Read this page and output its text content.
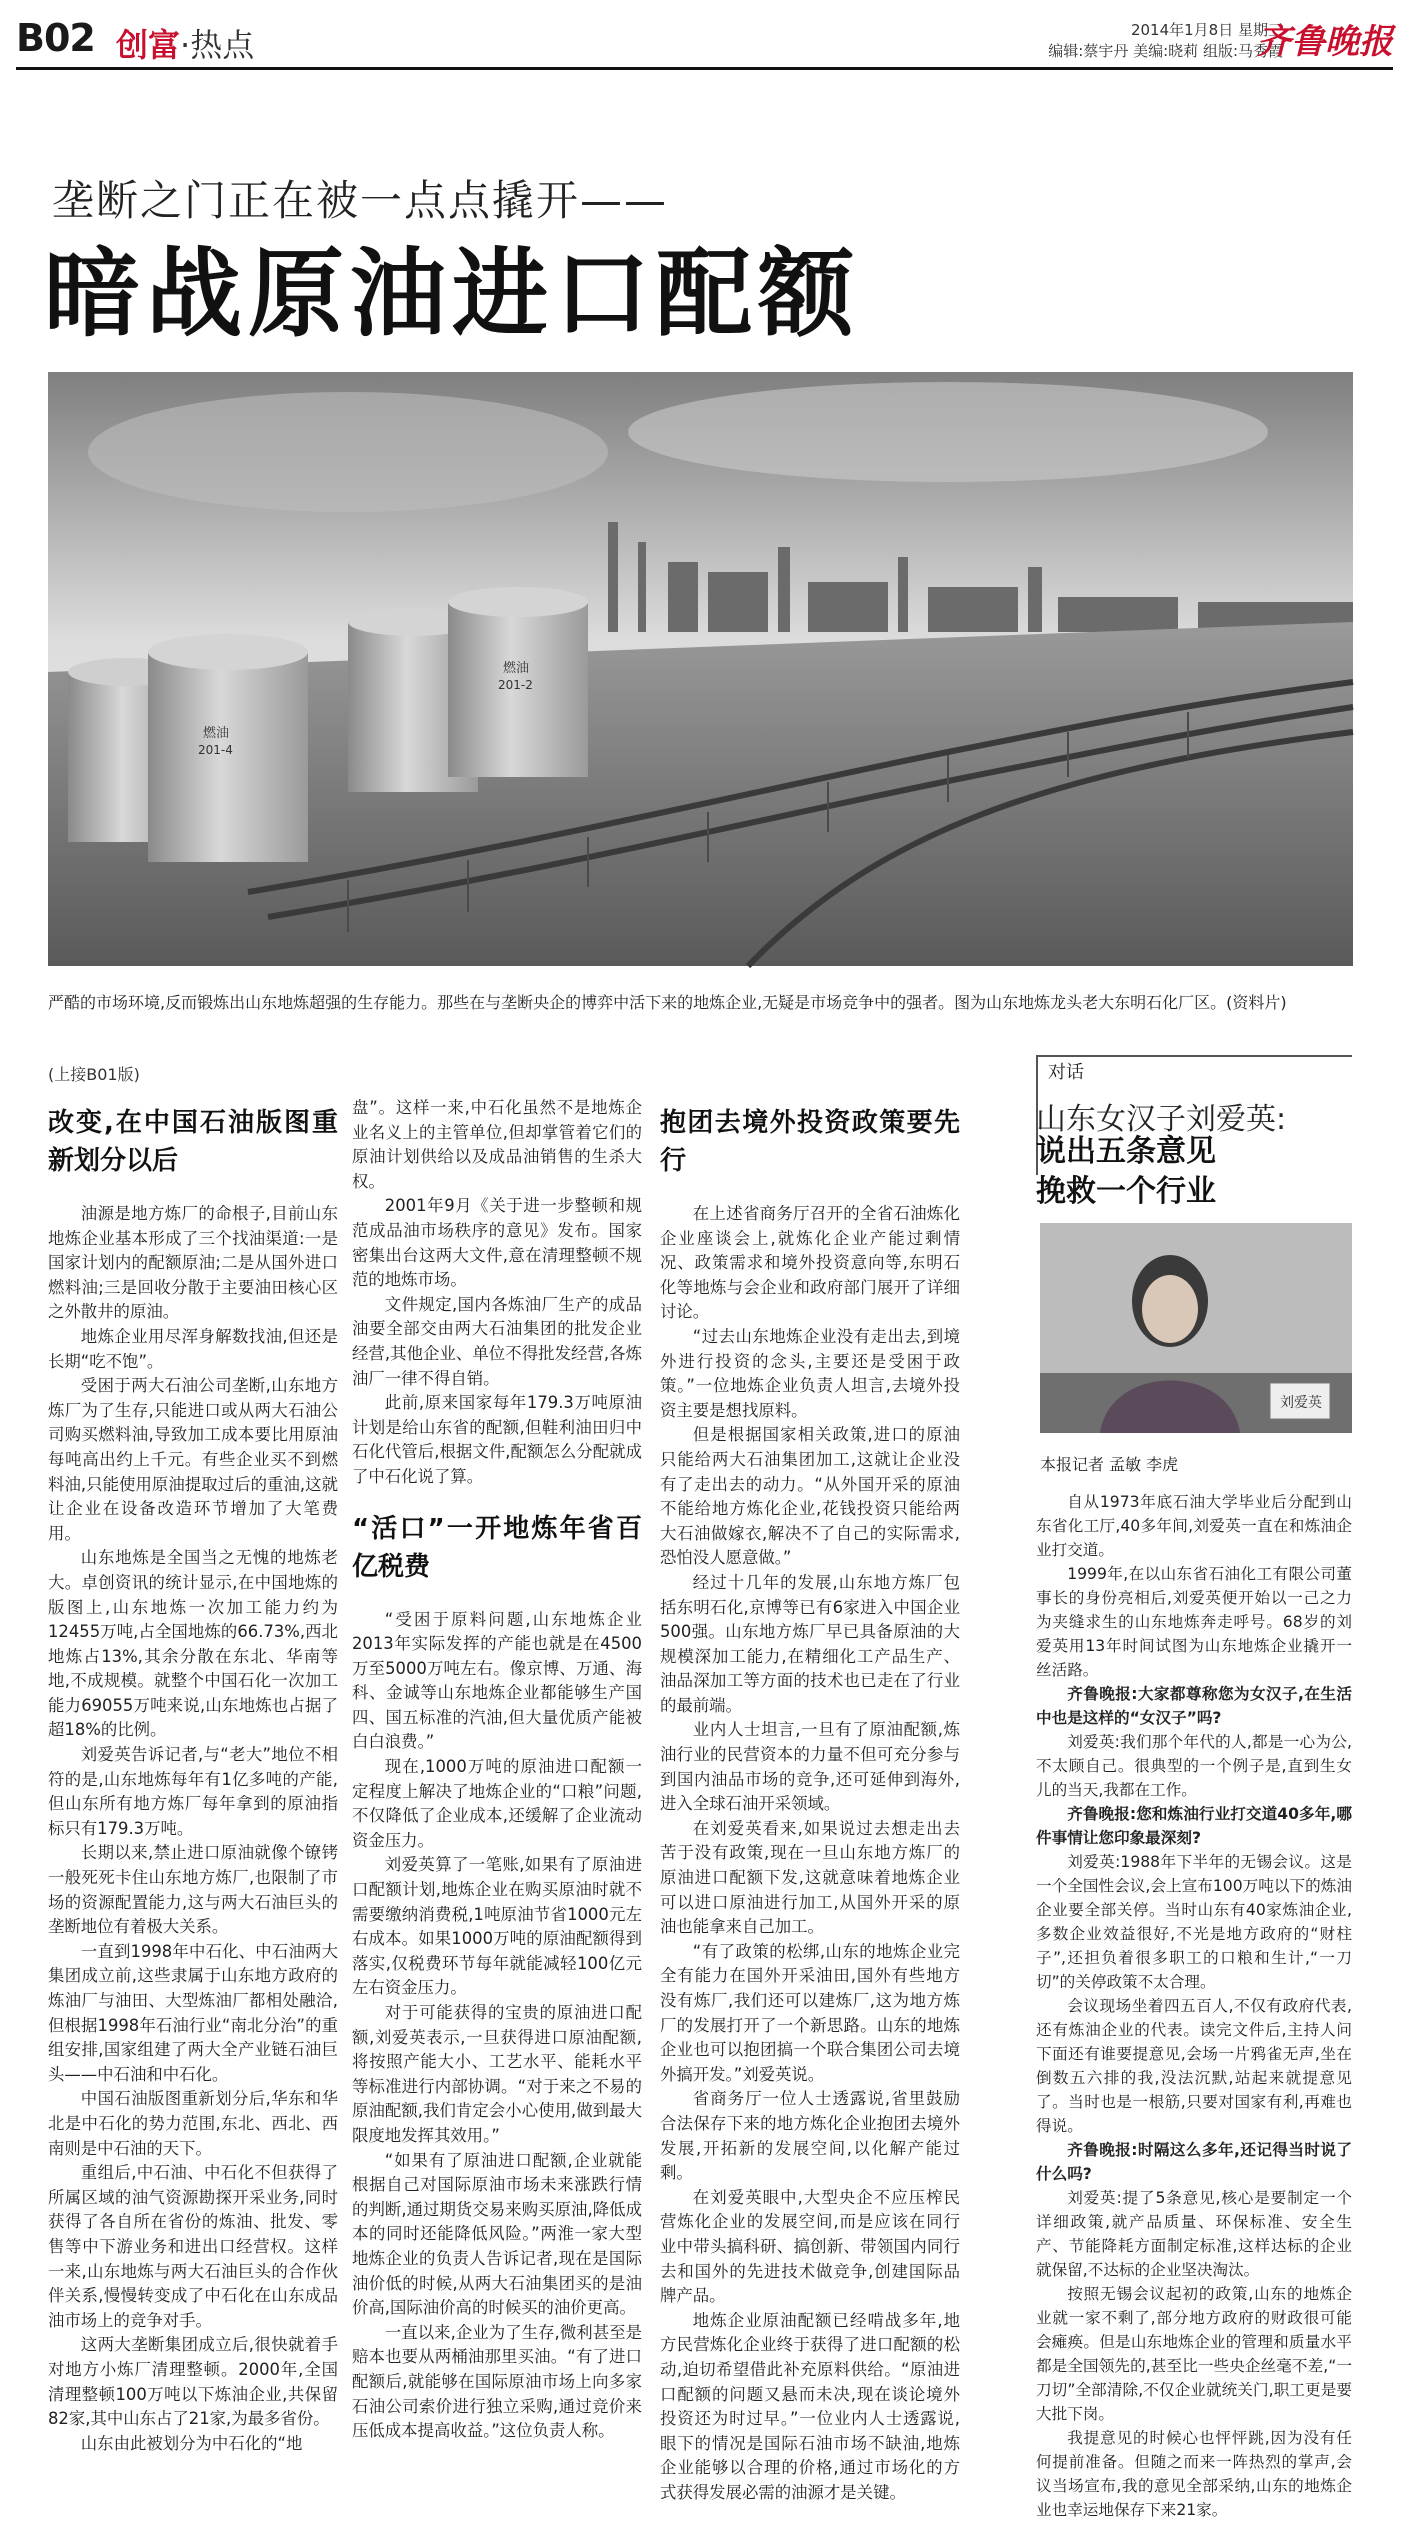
B02 创富·热点	2014年1月8日 星期三
编辑:蔡宇丹 美编:晓莉 组版:马秀霞
齐鲁晚报
垄断之门正在被一点点撬开——
暗战原油进口配额
燃油
201-4
燃油
201-2
严酷的市场环境,反而锻炼出山东地炼超强的生存能力。那些在与垄断央企的博弈中活下来的地炼企业,无疑是市场竞争中的强者。图为山东地炼龙头老大东明石化厂区。(资料片)
(上接B01版)
改变,在中国石油版图重新划分以后

油源是地方炼厂的命根子,目前山东地炼企业基本形成了三个找油渠道:一是国家计划内的配额原油;二是从国外进口燃料油;三是回收分散于主要油田核心区之外散井的原油。

地炼企业用尽浑身解数找油,但还是长期“吃不饱”。

受困于两大石油公司垄断,山东地方炼厂为了生存,只能进口或从两大石油公司购买燃料油,导致加工成本要比用原油每吨高出约上千元。有些企业买不到燃料油,只能使用原油提取过后的重油,这就让企业在设备改造环节增加了大笔费用。

山东地炼是全国当之无愧的地炼老大。卓创资讯的统计显示,在中国地炼的版图上,山东地炼一次加工能力约为12455万吨,占全国地炼的66.73%,西北地炼占13%,其余分散在东北、华南等地,不成规模。就整个中国石化一次加工能力69055万吨来说,山东地炼也占据了超18%的比例。

刘爱英告诉记者,与“老大”地位不相符的是,山东地炼每年有1亿多吨的产能,但山东所有地方炼厂每年拿到的原油指标只有179.3万吨。

长期以来,禁止进口原油就像个镣铐一般死死卡住山东地方炼厂,也限制了市场的资源配置能力,这与两大石油巨头的垄断地位有着极大关系。

一直到1998年中石化、中石油两大集团成立前,这些隶属于山东地方政府的炼油厂与油田、大型炼油厂都相处融洽,但根据1998年石油行业“南北分治”的重组安排,国家组建了两大全产业链石油巨头——中石油和中石化。

中国石油版图重新划分后,华东和华北是中石化的势力范围,东北、西北、西南则是中石油的天下。

重组后,中石油、中石化不但获得了所属区域的油气资源勘探开采业务,同时获得了各自所在省份的炼油、批发、零售等中下游业务和进出口经营权。这样一来,山东地炼与两大石油巨头的合作伙伴关系,慢慢转变成了中石化在山东成品油市场上的竞争对手。

这两大垄断集团成立后,很快就着手对地方小炼厂清理整顿。2000年,全国清理整顿100万吨以下炼油企业,共保留82家,其中山东占了21家,为最多省份。

山东由此被划分为中石化的“地

盘”。这样一来,中石化虽然不是地炼企业名义上的主管单位,但却掌管着它们的原油计划供给以及成品油销售的生杀大权。

2001年9月《关于进一步整顿和规范成品油市场秩序的意见》发布。国家密集出台这两大文件,意在清理整顿不规范的地炼市场。

文件规定,国内各炼油厂生产的成品油要全部交由两大石油集团的批发企业经营,其他企业、单位不得批发经营,各炼油厂一律不得自销。

此前,原来国家每年179.3万吨原油计划是给山东省的配额,但鞋利油田归中石化代管后,根据文件,配额怎么分配就成了中石化说了算。

“活口”一开地炼年省百亿税费

“受困于原料问题,山东地炼企业2013年实际发挥的产能也就是在4500万至5000万吨左右。像京博、万通、海科、金诚等山东地炼企业都能够生产国四、国五标准的汽油,但大量优质产能被白白浪费。”

现在,1000万吨的原油进口配额一定程度上解决了地炼企业的“口粮”问题,不仅降低了企业成本,还缓解了企业流动资金压力。

刘爱英算了一笔账,如果有了原油进口配额计划,地炼企业在购买原油时就不需要缴纳消费税,1吨原油节省1000元左右成本。如果1000万吨的原油配额得到落实,仅税费环节每年就能减轻100亿元左右资金压力。

对于可能获得的宝贵的原油进口配额,刘爱英表示,一旦获得进口原油配额,将按照产能大小、工艺水平、能耗水平等标准进行内部协调。“对于来之不易的原油配额,我们肯定会小心使用,做到最大限度地发挥其效用。”

“如果有了原油进口配额,企业就能根据自己对国际原油市场未来涨跌行情的判断,通过期货交易来购买原油,降低成本的同时还能降低风险。”两淮一家大型地炼企业的负责人告诉记者,现在是国际油价低的时候,从两大石油集团买的是油价高,国际油价高的时候买的油价更高。

一直以来,企业为了生存,微利甚至是赔本也要从两桶油那里买油。“有了进口配额后,就能够在国际原油市场上向多家石油公司索价进行独立采购,通过竞价来压低成本提高收益。”这位负责人称。

抱团去境外投资政策要先行

在上述省商务厅召开的全省石油炼化企业座谈会上,就炼化企业产能过剩情况、政策需求和境外投资意向等,东明石化等地炼与会企业和政府部门展开了详细讨论。

“过去山东地炼企业没有走出去,到境外进行投资的念头,主要还是受困于政策。”一位地炼企业负责人坦言,去境外投资主要是想找原料。

但是根据国家相关政策,进口的原油只能给两大石油集团加工,这就让企业没有了走出去的动力。“从外国开采的原油不能给地方炼化企业,花钱投资只能给两大石油做嫁衣,解决不了自己的实际需求,恐怕没人愿意做。”

经过十几年的发展,山东地方炼厂包括东明石化,京博等已有6家进入中国企业500强。山东地方炼厂早已具备原油的大规模深加工能力,在精细化工产品生产、油品深加工等方面的技术也已走在了行业的最前端。

业内人士坦言,一旦有了原油配额,炼油行业的民营资本的力量不但可充分参与到国内油品市场的竞争,还可延伸到海外,进入全球石油开采领域。

在刘爱英看来,如果说过去想走出去苦于没有政策,现在一旦山东地方炼厂的原油进口配额下发,这就意味着地炼企业可以进口原油进行加工,从国外开采的原油也能拿来自己加工。

“有了政策的松绑,山东的地炼企业完全有能力在国外开采油田,国外有些地方没有炼厂,我们还可以建炼厂,这为地方炼厂的发展打开了一个新思路。山东的地炼企业也可以抱团搞一个联合集团公司去境外搞开发。”刘爱英说。

省商务厅一位人士透露说,省里鼓励合法保存下来的地方炼化企业抱团去境外发展,开拓新的发展空间,以化解产能过剩。

在刘爱英眼中,大型央企不应压榨民营炼化企业的发展空间,而是应该在同行业中带头搞科研、搞创新、带领国内同行去和国外的先进技术做竞争,创建国际品牌产品。

地炼企业原油配额已经啃战多年,地方民营炼化企业终于获得了进口配额的松动,迫切希望借此补充原料供给。“原油进口配额的问题又悬而未决,现在谈论境外投资还为时过早。”一位业内人士透露说,眼下的情况是国际石油市场不缺油,地炼企业能够以合理的价格,通过市场化的方式获得发展必需的油源才是关键。

对话
山东女汉子刘爱英:
说出五条意见
挽救一个行业
刘爱英
本报记者 孟敏 李虎

自从1973年底石油大学毕业后分配到山东省化工厅,40多年间,刘爱英一直在和炼油企业打交道。

1999年,在以山东省石油化工有限公司董事长的身份亮相后,刘爱英便开始以一己之力为夹缝求生的山东地炼奔走呼号。68岁的刘爱英用13年时间试图为山东地炼企业撬开一丝活路。

齐鲁晚报:大家都尊称您为女汉子,在生活中也是这样的“女汉子”吗?

刘爱英:我们那个年代的人,都是一心为公,不太顾自己。很典型的一个例子是,直到生女儿的当天,我都在工作。

齐鲁晚报:您和炼油行业打交道40多年,哪件事情让您印象最深刻?

刘爱英:1988年下半年的无锡会议。这是一个全国性会议,会上宣布100万吨以下的炼油企业要全部关停。当时山东有40家炼油企业,多数企业效益很好,不光是地方政府的“财柱子”,还担负着很多职工的口粮和生计,“一刀切”的关停政策不太合理。

会议现场坐着四五百人,不仅有政府代表,还有炼油企业的代表。读完文件后,主持人问下面还有谁要提意见,会场一片鸦雀无声,坐在倒数五六排的我,没法沉默,站起来就提意见了。当时也是一根筋,只要对国家有利,再难也得说。

齐鲁晚报:时隔这么多年,还记得当时说了什么吗?

刘爱英:提了5条意见,核心是要制定一个详细政策,就产品质量、环保标准、安全生产、节能降耗方面制定标准,这样达标的企业就保留,不达标的企业坚决淘汰。

按照无锡会议起初的政策,山东的地炼企业就一家不剩了,部分地方政府的财政很可能会瘫痪。但是山东地炼企业的管理和质量水平都是全国领先的,甚至比一些央企丝毫不差,“一刀切”全部清除,不仅企业就统关门,职工更是要大批下岗。

我提意见的时候心也怦怦跳,因为没有任何提前准备。但随之而来一阵热烈的掌声,会议当场宣布,我的意见全部采纳,山东的地炼企业也幸运地保存下来21家。
